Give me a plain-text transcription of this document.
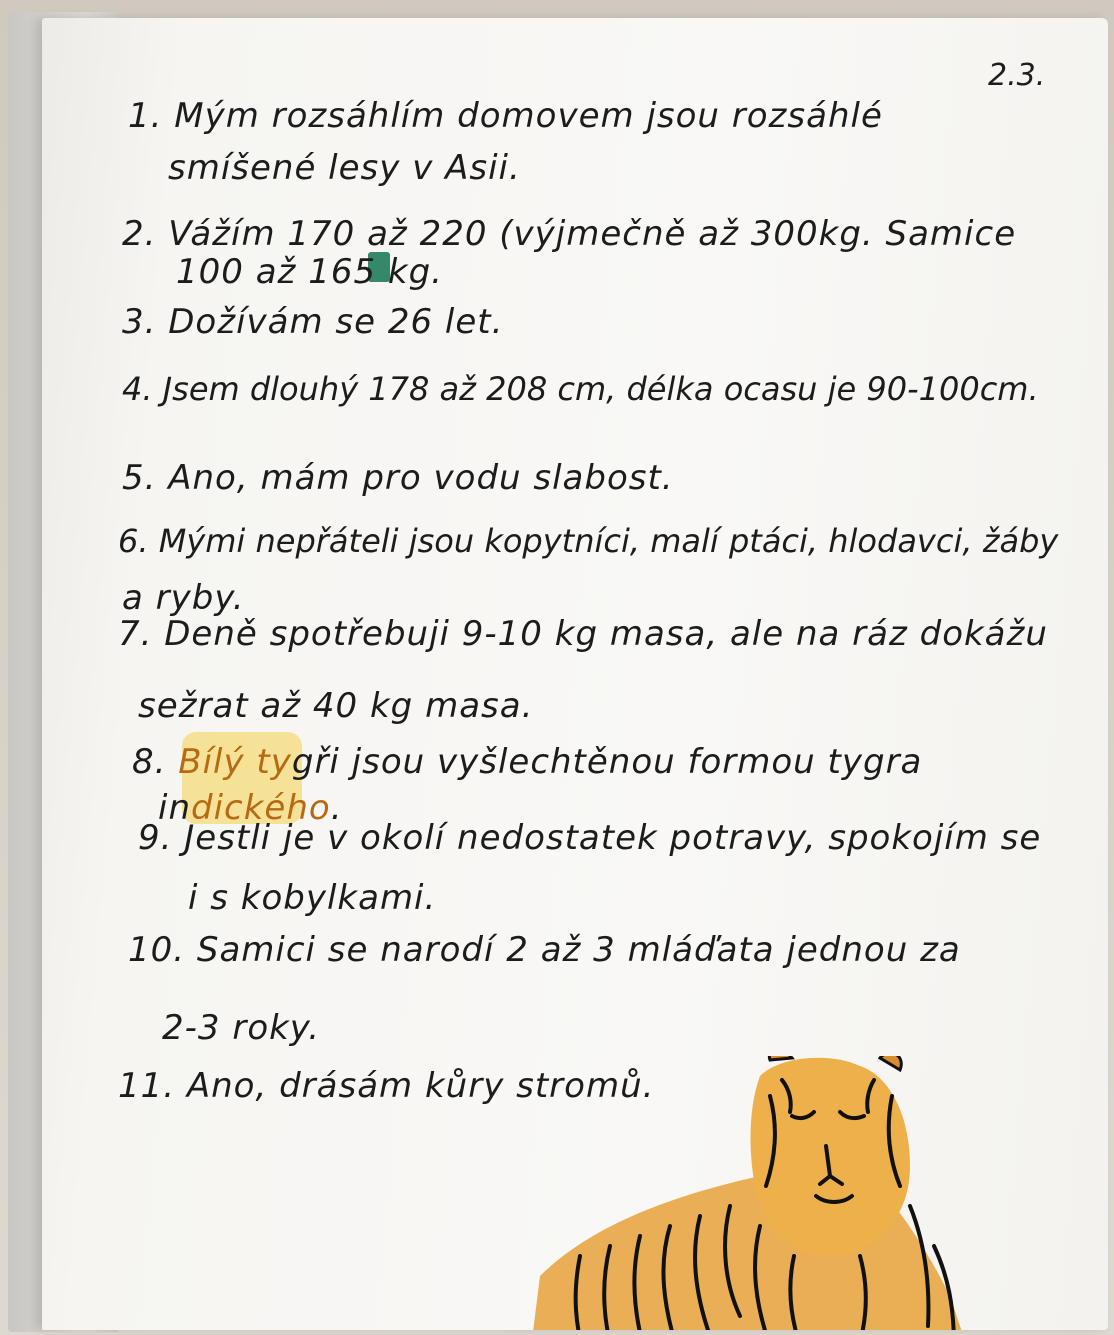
2.3.
1. Mým rozsáhlím domovem jsou rozsáhlé
smíšené lesy v Asii.
2. Vážím 170 až 220 (výjmečně až 300kg. Samice
100 až 165 kg.
3. Dožívám se 26 let.
4. Jsem dlouhý 178 až 208 cm, délka ocasu je 90-100cm.
5. Ano, mám pro vodu slabost.
6. Mými nepřáteli jsou kopytníci, malí ptáci, hlodavci, žáby
a ryby.
7. Deně spotřebuji 9-10 kg masa, ale na ráz dokážu
sežrat až 40 kg masa.
8. Bílý tygři jsou vyšlechtěnou formou tygra
indického.
9. Jestli je v okolí nedostatek potravy, spokojím se
i s kobylkami.
10. Samici se narodí 2 až 3 mláďata jednou za
2-3 roky.
11. Ano, drásám kůry stromů.
